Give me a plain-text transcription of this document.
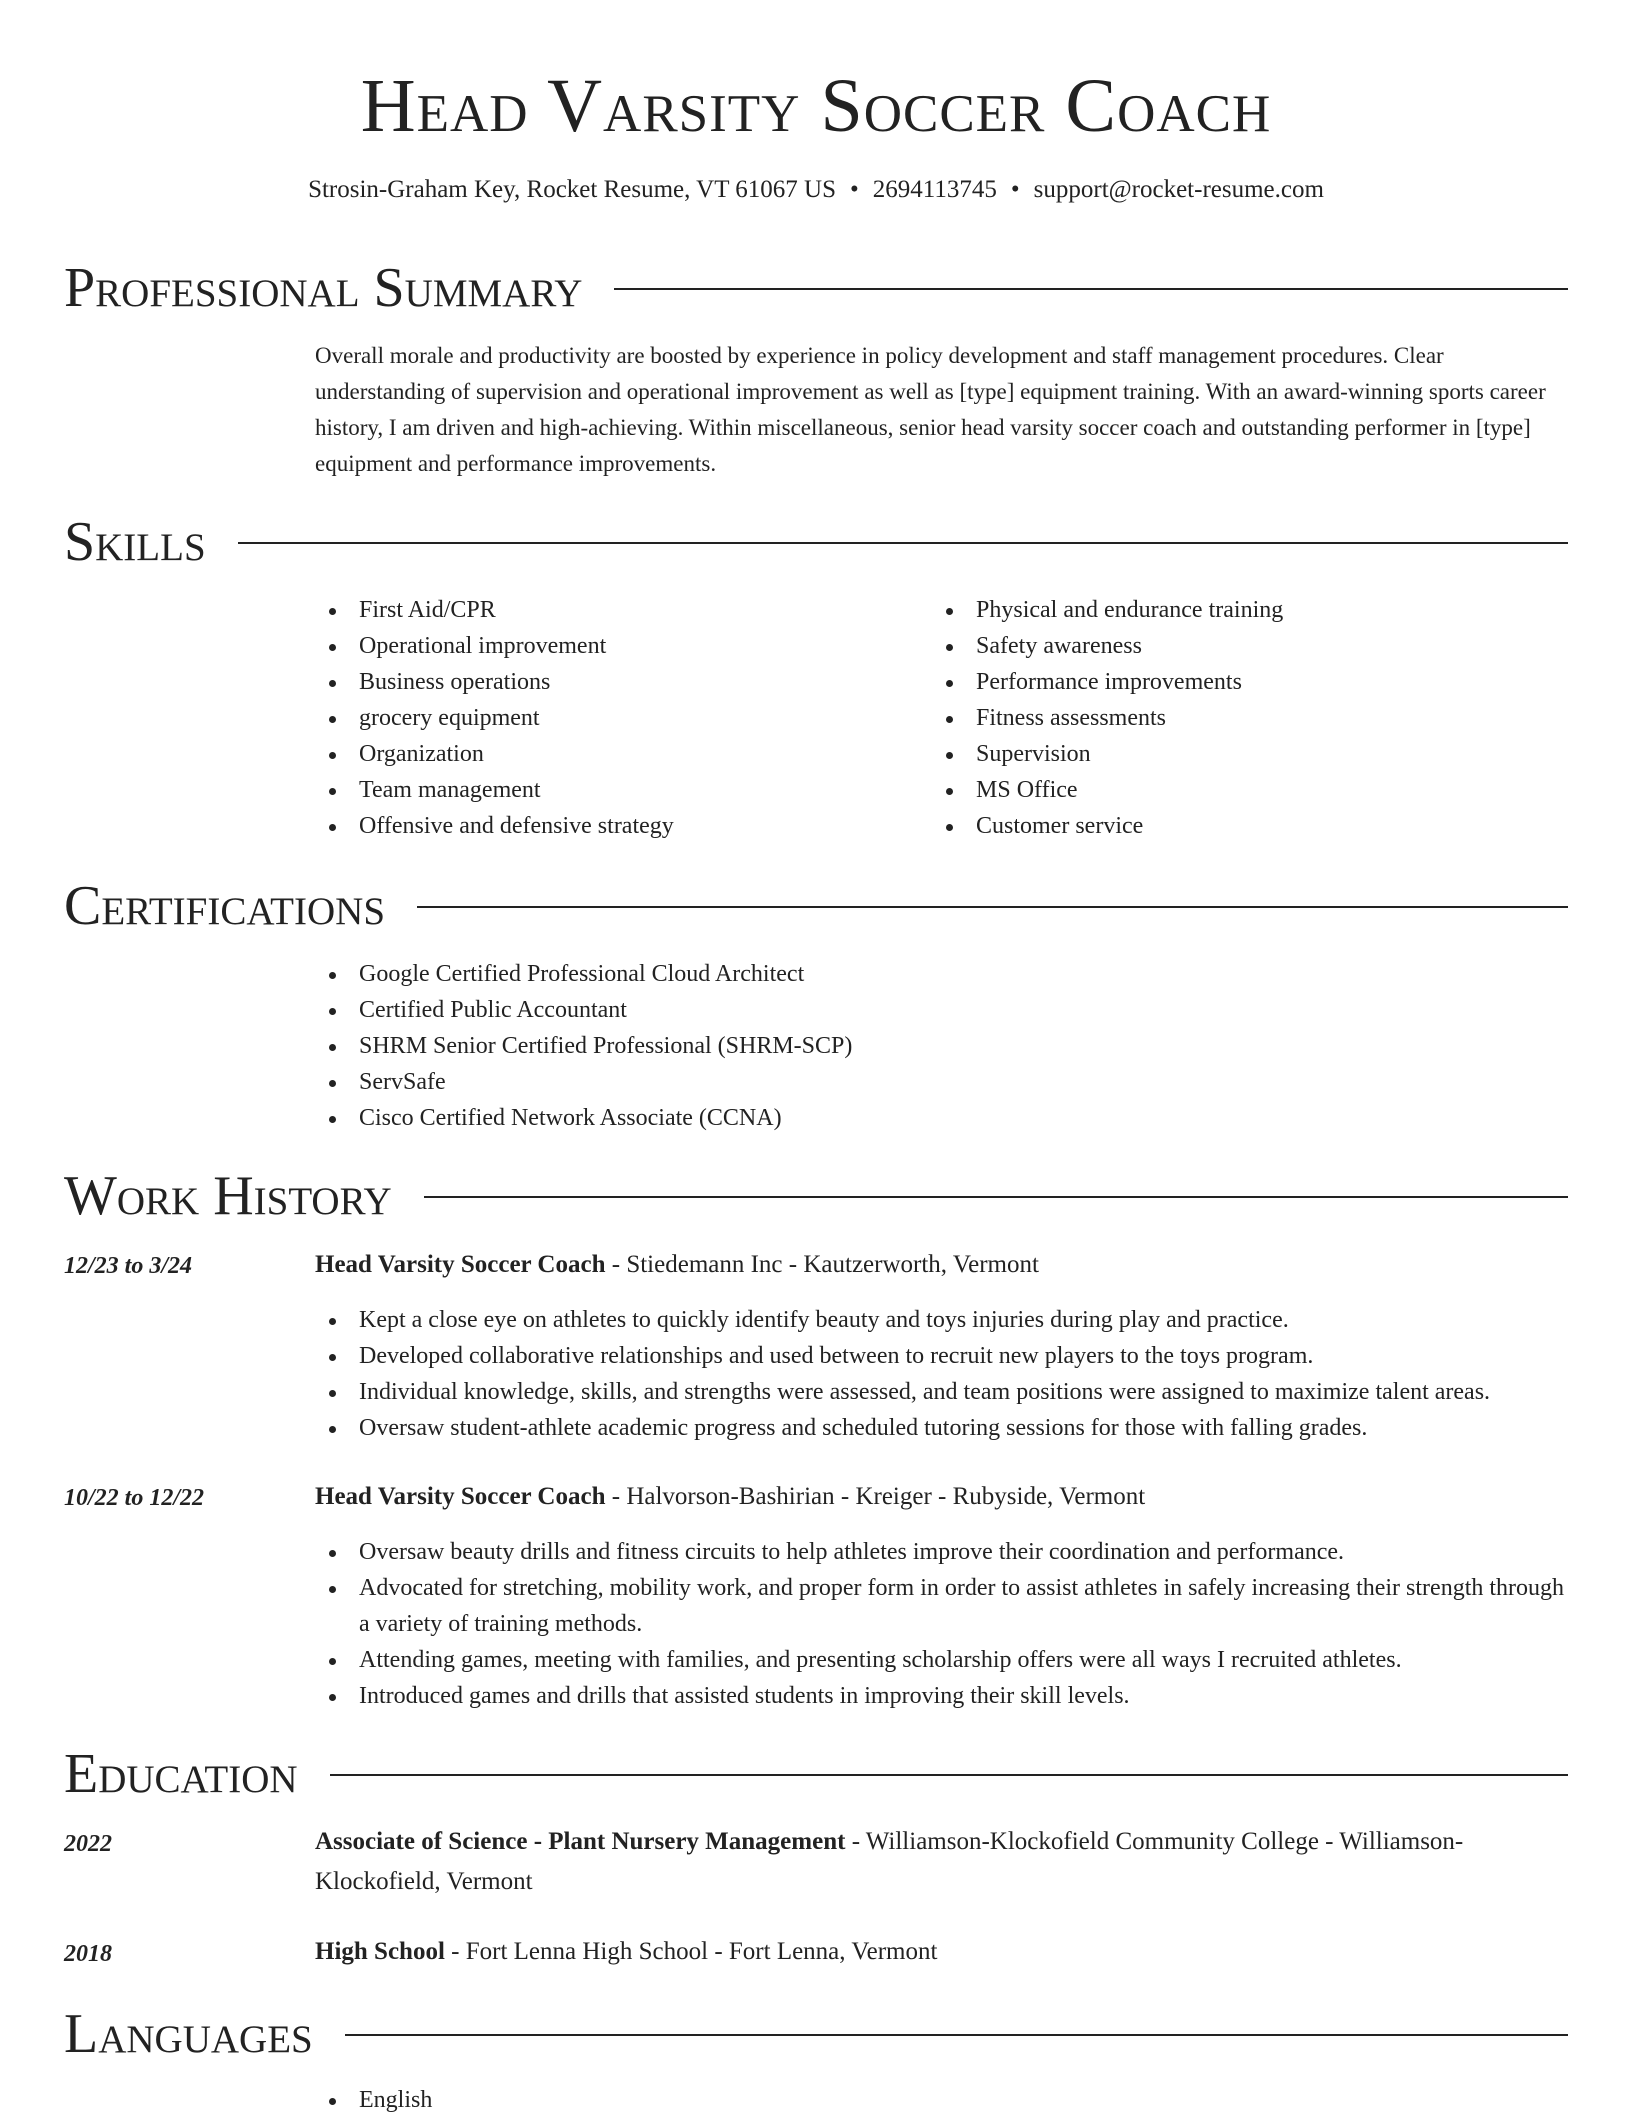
Head Varsity Soccer Coach
Strosin-Graham Key, Rocket Resume, VT 61067 US • 2694113745 • support@rocket-resume.com
Professional Summary
Overall morale and productivity are boosted by experience in policy development and staff management procedures. Clear understanding of supervision and operational improvement as well as [type] equipment training. With an award-winning sports career history, I am driven and high-achieving. Within miscellaneous, senior head varsity soccer coach and outstanding performer in [type] equipment and performance improvements.
Skills
First Aid/CPR
Operational improvement
Business operations
grocery equipment
Organization
Team management
Offensive and defensive strategy
Physical and endurance training
Safety awareness
Performance improvements
Fitness assessments
Supervision
MS Office
Customer service
Certifications
Google Certified Professional Cloud Architect
Certified Public Accountant
SHRM Senior Certified Professional (SHRM-SCP)
ServSafe
Cisco Certified Network Associate (CCNA)
Work History
12/23 to 3/24	Head Varsity Soccer Coach - Stiedemann Inc - Kautzerworth, Vermont
Kept a close eye on athletes to quickly identify beauty and toys injuries during play and practice.
Developed collaborative relationships and used between to recruit new players to the toys program.
Individual knowledge, skills, and strengths were assessed, and team positions were assigned to maximize talent areas.
Oversaw student-athlete academic progress and scheduled tutoring sessions for those with falling grades.
10/22 to 12/22	Head Varsity Soccer Coach - Halvorson-Bashirian - Kreiger - Rubyside, Vermont
Oversaw beauty drills and fitness circuits to help athletes improve their coordination and performance.
Advocated for stretching, mobility work, and proper form in order to assist athletes in safely increasing their strength through a variety of training methods.
Attending games, meeting with families, and presenting scholarship offers were all ways I recruited athletes.
Introduced games and drills that assisted students in improving their skill levels.
Education
2022	Associate of Science - Plant Nursery Management - Williamson-Klockofield Community College - Williamson-Klockofield, Vermont
2018	High School - Fort Lenna High School - Fort Lenna, Vermont
Languages
English
